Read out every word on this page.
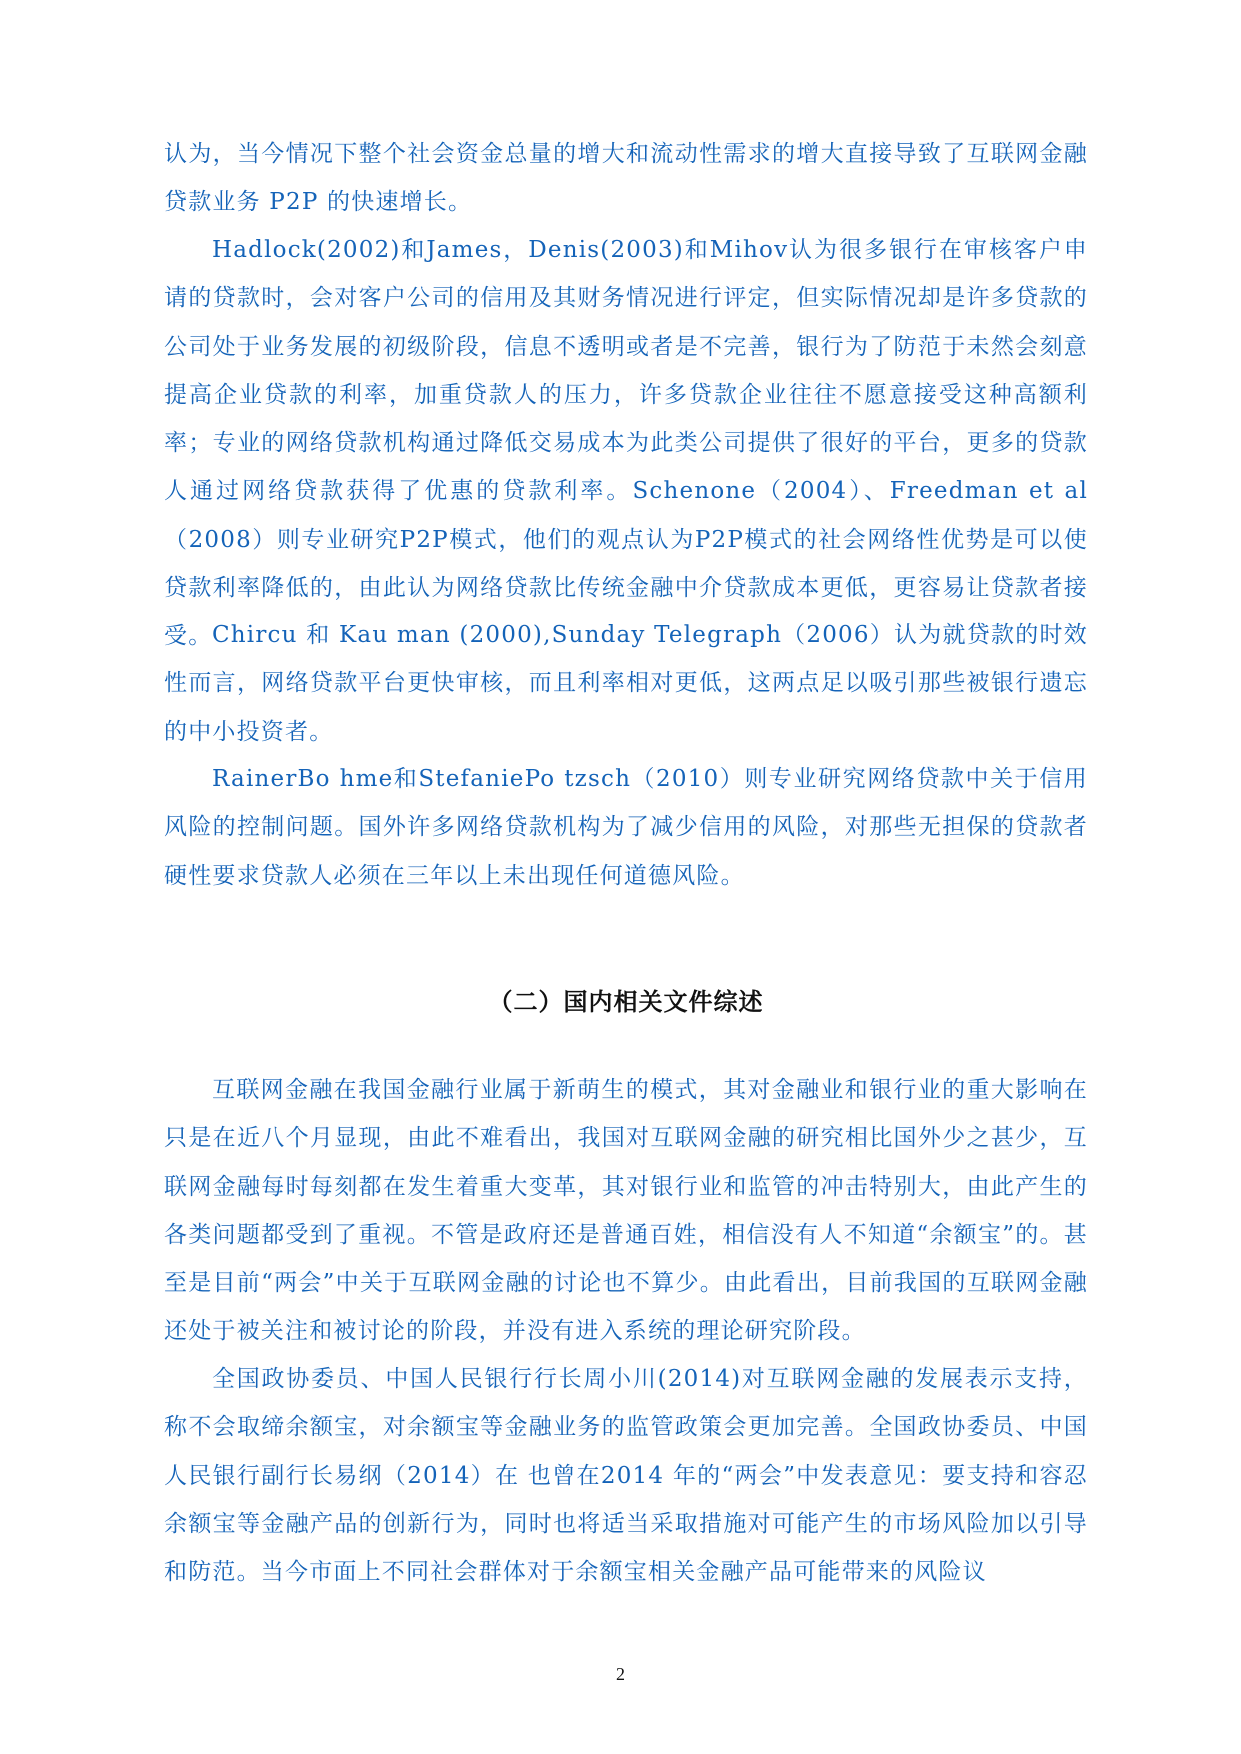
认为，当今情况下整个社会资金总量的增大和流动性需求的增大直接导致了互联网金融贷款业务 P2P 的快速增长。

Hadlock(2002)和James，Denis(2003)和Mihov认为很多银行在审核客户申请的贷款时，会对客户公司的信用及其财务情况进行评定，但实际情况却是许多贷款的公司处于业务发展的初级阶段，信息不透明或者是不完善，银行为了防范于未然会刻意提高企业贷款的利率，加重贷款人的压力，许多贷款企业往往不愿意接受这种高额利率；专业的网络贷款机构通过降低交易成本为此类公司提供了很好的平台，更多的贷款人通过网络贷款获得了优惠的贷款利率。Schenone（2004）、Freedman et al（2008）则专业研究P2P模式，他们的观点认为P2P模式的社会网络性优势是可以使贷款利率降低的，由此认为网络贷款比传统金融中介贷款成本更低，更容易让贷款者接受。 Chircu 和 Kau man (2000),Sunday Telegraph（2006）认为就贷款的时效性而言，网络贷款平台更快审核，而且利率相对更低，这两点足以吸引那些被银行遗忘的中小投资者。

RainerBo hme和StefaniePo tzsch（2010）则专业研究网络贷款中关于信用风险的控制问题。国外许多网络贷款机构为了减少信用的风险，对那些无担保的贷款者硬性要求贷款人必须在三年以上未出现任何道德风险。

（二）国内相关文件综述

互联网金融在我国金融行业属于新萌生的模式，其对金融业和银行业的重大影响在只是在近八个月显现，由此不难看出，我国对互联网金融的研究相比国外少之甚少，互联网金融每时每刻都在发生着重大变革，其对银行业和监管的冲击特别大，由此产生的各类问题都受到了重视。不管是政府还是普通百姓，相信没有人不知道“余额宝”的。甚至是目前“两会”中关于互联网金融的讨论也不算少。由此看出，目前我国的互联网金融还处于被关注和被讨论的阶段，并没有进入系统的理论研究阶段。

全国政协委员、中国人民银行行长周小川(2014)对互联网金融的发展表示支持，称不会取缔余额宝，对余额宝等金融业务的监管政策会更加完善。全国政协委员、中国人民银行副行长易纲（2014）在 也曾在2014 年的“两会”中发表意见：要支持和容忍余额宝等金融产品的创新行为，同时也将适当采取措施对可能产生的市场风险加以引导和防范。当今市面上不同社会群体对于余额宝相关金融产品可能带来的风险议

2
